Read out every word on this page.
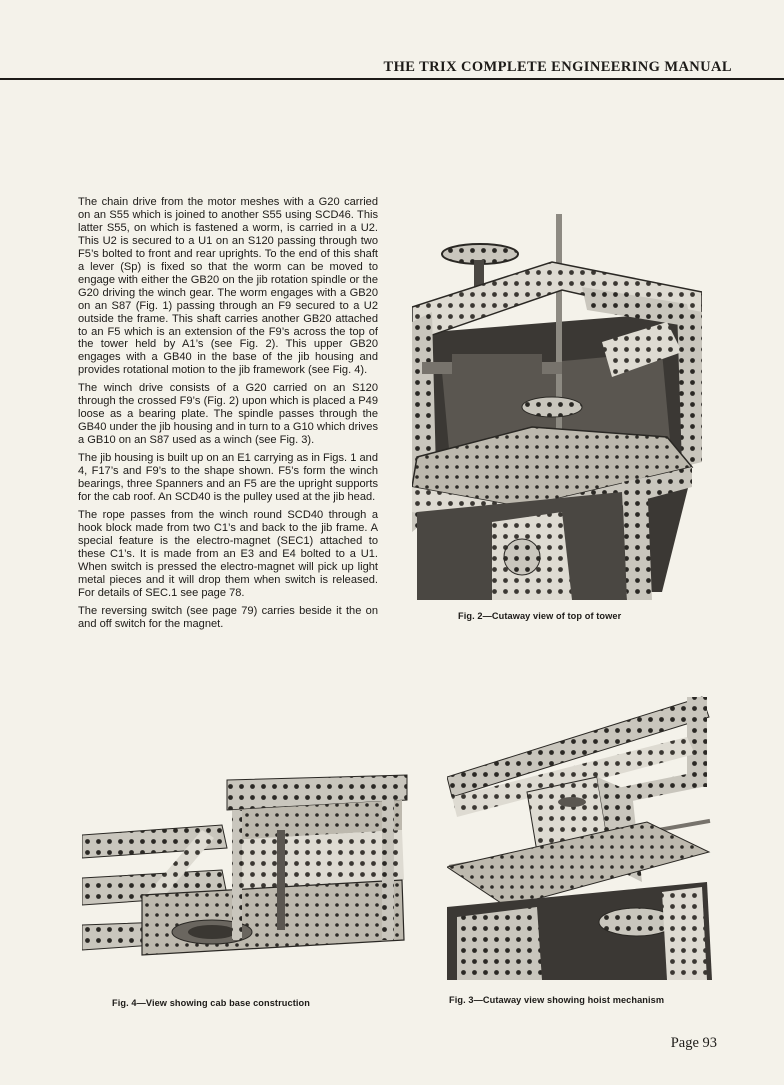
THE TRIX COMPLETE ENGINEERING MANUAL

The chain drive from the motor meshes with a G20 carried on an S55 which is joined to another S55 using SCD46. This latter S55, on which is fastened a worm, is carried in a U2. This U2 is secured to a U1 on an S120 passing through two F5’s bolted to front and rear uprights. To the end of this shaft a lever (Sp) is fixed so that the worm can be moved to engage with either the GB20 on the jib rotation spindle or the G20 driving the winch gear. The worm engages with a GB20 on an S87 (Fig. 1) passing through an F9 secured to a U2 outside the frame. This shaft carries another GB20 attached to an F5 which is an extension of the F9’s across the top of the tower held by A1’s (see Fig. 2). This upper GB20 engages with a GB40 in the base of the jib housing and provides rotational motion to the jib framework (see Fig. 4).

The winch drive consists of a G20 carried on an S120 through the crossed F9’s (Fig. 2) upon which is placed a P49 loose as a bearing plate. The spindle passes through the GB40 under the jib housing and in turn to a G10 which drives a GB10 on an S87 used as a winch (see Fig. 3).

The jib housing is built up on an E1 carrying as in Figs. 1 and 4, F17’s and F9’s to the shape shown. F5’s form the winch bearings, three Spanners and an F5 are the upright supports for the cab roof. An SCD40 is the pulley used at the jib head.

The rope passes from the winch round SCD40 through a hook block made from two C1’s and back to the jib frame. A special feature is the electro-magnet (SEC1) attached to these C1’s. It is made from an E3 and E4 bolted to a U1. When switch is pressed the electro-magnet will pick up light metal pieces and it will drop them when switch is released. For details of SEC.1 see page 78.

The reversing switch (see page 79) carries beside it the on and off switch for the magnet.

Fig. 2—Cutaway view of top of tower
Fig. 4—View showing cab base construction	Fig. 3—Cutaway view showing hoist mechanism
Page 93
